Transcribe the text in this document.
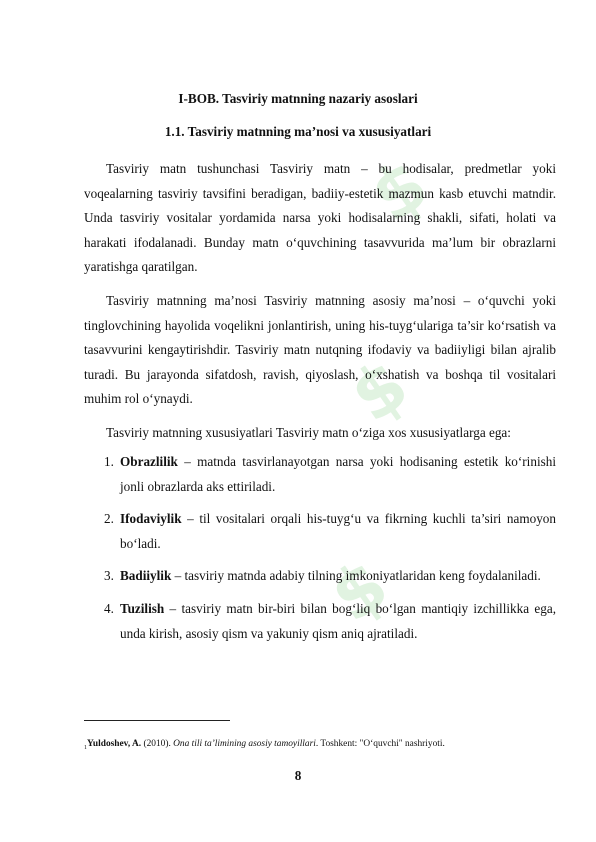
$
$
$
I-BOB. Tasviriy matnning nazariy asoslari
1.1. Tasviriy matnning ma’nosi va xususiyatlari

Tasviriy matn tushunchasi Tasviriy matn – bu hodisalar, predmetlar yoki voqealarning tasviriy tavsifini beradigan, badiiy-estetik mazmun kasb etuvchi matndir. Unda tasviriy vositalar yordamida narsa yoki hodisalarning shakli, sifati, holati va harakati ifodalanadi. Bunday matn o‘quvchining tasavvurida ma’lum bir obrazlarni yaratishga qaratilgan.

Tasviriy matnning ma’nosi Tasviriy matnning asosiy ma’nosi – o‘quvchi yoki tinglovchining hayolida voqelikni jonlantirish, uning his-tuyg‘ulariga ta’sir ko‘rsatish va tasavvurini kengaytirishdir. Tasviriy matn nutqning ifodaviy va badiiyligi bilan ajralib turadi. Bu jarayonda sifatdosh, ravish, qiyoslash, o‘xshatish va boshqa til vositalari muhim rol o‘ynaydi.

Tasviriy matnning xususiyatlari Tasviriy matn o‘ziga xos xususiyatlarga ega:

1. Obrazlilik – matnda tasvirlanayotgan narsa yoki hodisaning estetik ko‘rinishi jonli obrazlarda aks ettiriladi.
2. Ifodaviylik – til vositalari orqali his-tuyg‘u va fikrning kuchli ta’siri namoyon bo‘ladi.
3. Badiiylik – tasviriy matnda adabiy tilning imkoniyatlaridan keng foydalaniladi.
4. Tuzilish – tasviriy matn bir-biri bilan bog‘liq bo‘lgan mantiqiy izchillikka ega, unda kirish, asosiy qism va yakuniy qism aniq ajratiladi.
$_1$Yuldoshev, A. (2010). Ona tili ta’limining asosiy tamoyillari. Toshkent: "O‘quvchi" nashriyoti.
8
